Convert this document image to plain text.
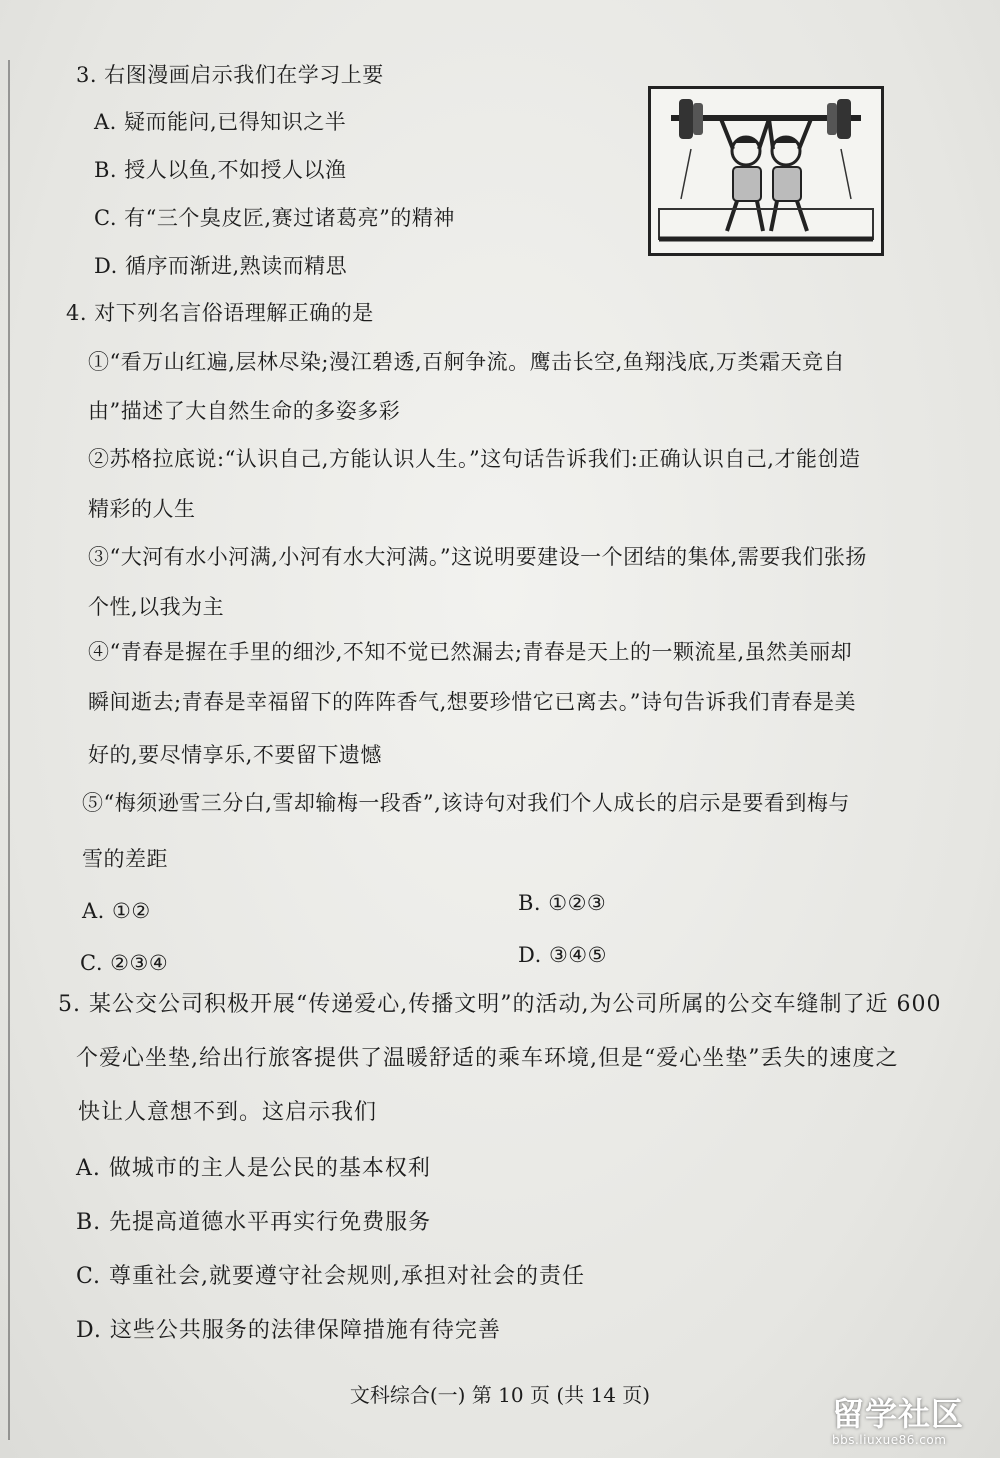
3. 右图漫画启示我们在学习上要
A. 疑而能问,已得知识之半
B. 授人以鱼,不如授人以渔
C. 有“三个臭皮匠,赛过诸葛亮”的精神
D. 循序而渐进,熟读而精思
4. 对下列名言俗语理解正确的是
①“看万山红遍,层林尽染;漫江碧透,百舸争流。鹰击长空,鱼翔浅底,万类霜天竞自
由”描述了大自然生命的多姿多彩
②苏格拉底说:“认识自己,方能认识人生。”这句话告诉我们:正确认识自己,才能创造
精彩的人生
③“大河有水小河满,小河有水大河满。”这说明要建设一个团结的集体,需要我们张扬
个性,以我为主
④“青春是握在手里的细沙,不知不觉已然漏去;青春是天上的一颗流星,虽然美丽却
瞬间逝去;青春是幸福留下的阵阵香气,想要珍惜它已离去。”诗句告诉我们青春是美
好的,要尽情享乐,不要留下遗憾
⑤“梅须逊雪三分白,雪却输梅一段香”,该诗句对我们个人成长的启示是要看到梅与
雪的差距
A. ①②	B. ①②③
C. ②③④	D. ③④⑤
5. 某公交公司积极开展“传递爱心,传播文明”的活动,为公司所属的公交车缝制了近 600
个爱心坐垫,给出行旅客提供了温暖舒适的乘车环境,但是“爱心坐垫”丢失的速度之
快让人意想不到。这启示我们
A. 做城市的主人是公民的基本权利
B. 先提高道德水平再实行免费服务
C. 尊重社会,就要遵守社会规则,承担对社会的责任
D. 这些公共服务的法律保障措施有待完善
文科综合(一) 第 10 页 (共 14 页)	留学社区
bbs.liuxue86.com
